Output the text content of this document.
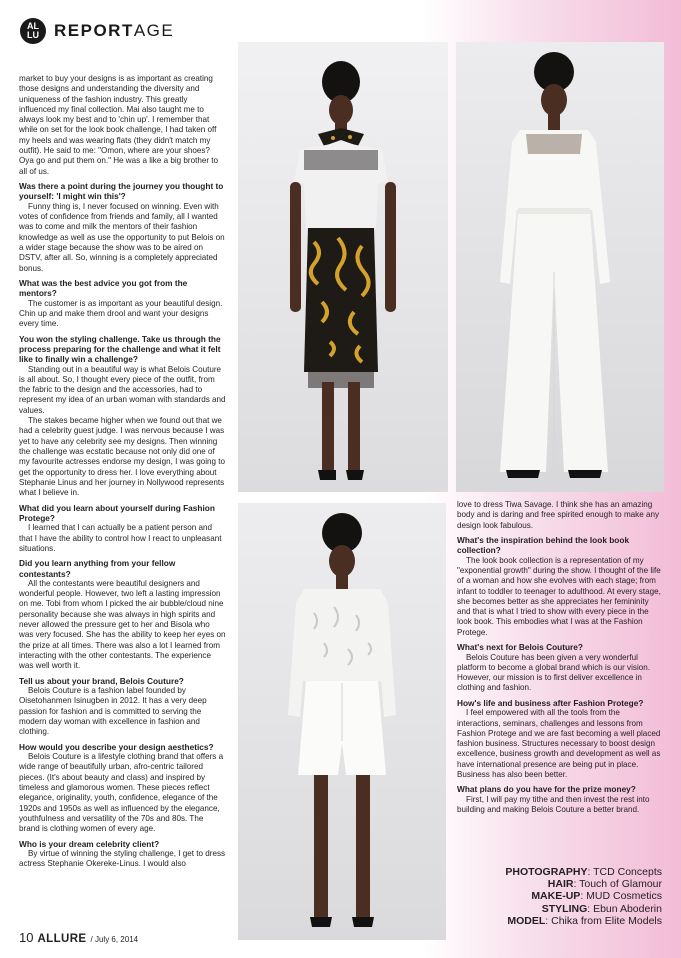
AL
LU REPORTAGE

market to buy your designs is as important as creating those designs and understanding the diversity and uniqueness of the fashion industry. This greatly influenced my final collection. Mai also taught me to always look my best and to 'chin up'. I remember that while on set for the look book challenge, I had taken off my heels and was wearing flats (they didn't match my outfit). He said to me: "Omon, where are your shoes? Oya go and put them on." He was a like a big brother to all of us.

Was there a point during the journey you thought to yourself: 'I might win this'?

Funny thing is, I never focused on winning. Even with votes of confidence from friends and family, all I wanted was to come and milk the mentors of their fashion knowledge as well as use the opportunity to put Belois on a wider stage because the show was to be aired on DSTV, after all. So, winning is a completely appreciated bonus.

What was the best advice you got from the mentors?

The customer is as important as your beautiful design. Chin up and make them drool and want your designs every time.

You won the styling challenge. Take us through the process preparing for the challenge and what it felt like to finally win a challenge?

Standing out in a beautiful way is what Belois Couture is all about. So, I thought every piece of the outfit, from the fabric to the design and the accessories, had to represent my idea of an urban woman with standards and values.

The stakes became higher when we found out that we had a celebrity guest judge. I was nervous because I was yet to have any celebrity see my designs. Then winning the challenge was ecstatic because not only did one of my favourite actresses endorse my design, I was going to get the opportunity to dress her. I love everything about Stephanie Linus and her journey in Nollywood represents what I believe in.

What did you learn about yourself during Fashion Protege?

I learned that I can actually be a patient person and that I have the ability to control how I react to unpleasant situations.

Did you learn anything from your fellow contestants?

All the contestants were beautiful designers and wonderful people. However, two left a lasting impression on me. Tobi from whom I picked the air bubble/cloud nine personality because she was always in high spirits and never allowed the pressure get to her and Bisola who was very focused. She has the ability to keep her eyes on the prize at all times. There was also a lot I learned from interacting with the other contestants. The experience was well worth it.

Tell us about your brand, Belois Couture?

Belois Couture is a fashion label founded by Oisetohanmen Isinugben in 2012. It has a very deep passion for fashion and is committed to serving the modern day woman with excellence in fashion and clothing.

How would you describe your design aesthetics?

Belois Couture is a lifestyle clothing brand that offers a wide range of beautifully urban, afro-centric tailored pieces. (It's about beauty and class) and inspired by timeless and glamorous women. These pieces reflect elegance, originality, youth, confidence, elegance of the 1920s and 1950s as well as influenced by the elegance, youthfulness and versatility of the 70s and 80s. The brand is clothing women of every age.

Who is your dream celebrity client?

By virtue of winning the styling challenge, I get to dress actress Stephanie Okereke-Linus. I would also

love to dress Tiwa Savage. I think she has an amazing body and is daring and free spirited enough to make any design look fabulous.

What's the inspiration behind the look book collection?

The look book collection is a representation of my "exponential growth" during the show. I thought of the life of a woman and how she evolves with each stage; from infant to toddler to teenager to adulthood. At every stage, she becomes better as she appreciates her femininity and that is what I tried to show with every piece in the look book. This embodies what I was at the Fashion Protege.

What's next for Belois Couture?

Belois Couture has been given a very wonderful platform to become a global brand which is our vision. However, our mission is to first deliver excellence in clothing and fashion.

How's life and business after Fashion Protege?

I feel empowered with all the tools from the interactions, seminars, challenges and lessons from Fashion Protege and we are fast becoming a well placed fashion business. Structures necessary to boost design excellence, business growth and development as well as have international presence are being put in place. Business has also been better.

What plans do you have for the prize money?

First, I will pay my tithe and then invest the rest into building and making Belois Couture a better brand.

PHOTOGRAPHY: TCD Concepts
HAIR: Touch of Glamour
MAKE-UP: MUD Cosmetics
STYLING: Ebun Aboderin
MODEL: Chika from Elite Models
10 ALLURE / July 6, 2014
